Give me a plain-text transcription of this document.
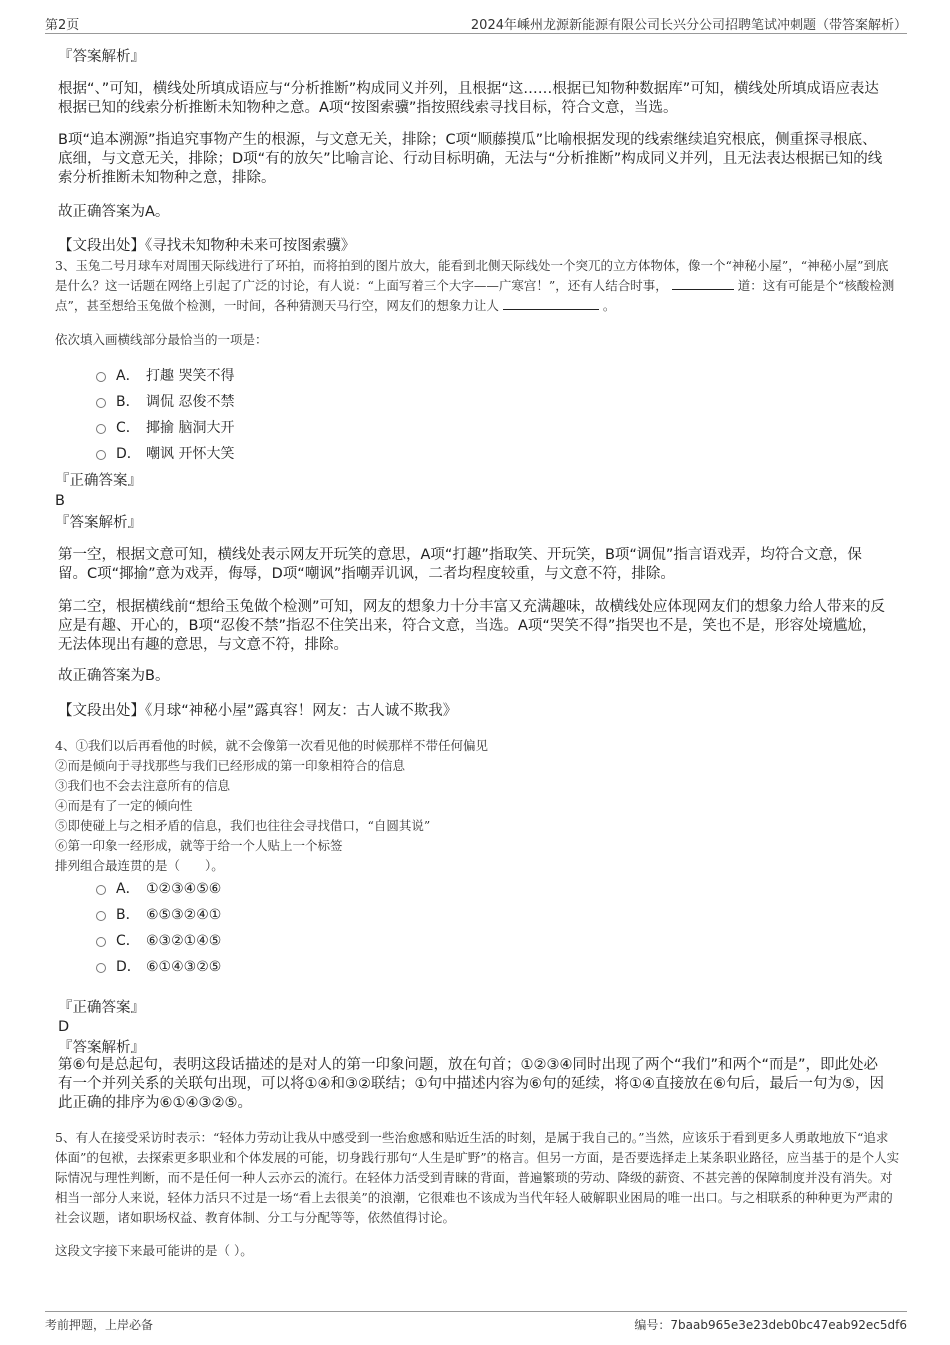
第2页	2024年嵊州龙源新能源有限公司长兴分公司招聘笔试冲刺题（带答案解析）
『答案解析』
根据“、”可知，横线处所填成语应与“分析推断”构成同义并列，且根据“这……根据已知物种数据库”可知，横线处所填成语应表达根据已知的线索分析推断未知物种之意。A项“按图索骥”指按照线索寻找目标，符合文意，当选。
B项“追本溯源”指追究事物产生的根源，与文意无关，排除；C项“顺藤摸瓜”比喻根据发现的线索继续追究根底，侧重探寻根底、底细，与文意无关，排除；D项“有的放矢”比喻言论、行动目标明确，无法与“分析推断”构成同义并列，且无法表达根据已知的线索分析推断未知物种之意，排除。
故正确答案为A。
【文段出处】《寻找未知物种未来可按图索骥》
3、玉兔二号月球车对周围天际线进行了环拍，而将拍到的图片放大，能看到北侧天际线处一个突兀的立方体物体，像一个“神秘小屋”，“神秘小屋”到底是什么？这一话题在网络上引起了广泛的讨论，有人说：“上面写着三个大字——广寒宫！”，还有人结合时事，	道：这有可能是个“核酸检测点”，甚至想给玉兔做个检测，一时间，各种猜测天马行空，网友们的想象力让人	。
依次填入画横线部分最恰当的一项是：
A． 打趣 哭笑不得
B． 调侃 忍俊不禁
C． 揶揄 脑洞大开
D． 嘲讽 开怀大笑
『正确答案』
B
『答案解析』
第一空，根据文意可知，横线处表示网友开玩笑的意思，A项“打趣”指取笑、开玩笑，B项“调侃”指言语戏弄，均符合文意，保留。C项“揶揄”意为戏弄，侮辱，D项“嘲讽”指嘲弄讥讽，二者均程度较重，与文意不符，排除。
第二空，根据横线前“想给玉兔做个检测”可知，网友的想象力十分丰富又充满趣味，故横线处应体现网友们的想象力给人带来的反应是有趣、开心的，B项“忍俊不禁”指忍不住笑出来，符合文意，当选。A项“哭笑不得”指哭也不是，笑也不是，形容处境尴尬，无法体现出有趣的意思，与文意不符，排除。
故正确答案为B。
【文段出处】《月球“神秘小屋”露真容！网友：古人诚不欺我》
4、①我们以后再看他的时候，就不会像第一次看见他的时候那样不带任何偏见
②而是倾向于寻找那些与我们已经形成的第一印象相符合的信息
③我们也不会去注意所有的信息
④而是有了一定的倾向性
⑤即使碰上与之相矛盾的信息，我们也往往会寻找借口，“自圆其说”
⑥第一印象一经形成，就等于给一个人贴上一个标签
排列组合最连贯的是（　　）。
A． ①②③④⑤⑥
B． ⑥⑤③②④①
C． ⑥③②①④⑤
D． ⑥①④③②⑤
『正确答案』
D
『答案解析』
第⑥句是总起句，表明这段话描述的是对人的第一印象问题，放在句首；①②③④同时出现了两个“我们”和两个“而是”，即此处必有一个并列关系的关联句出现，可以将①④和③②联结；①句中描述内容为⑥句的延续，将①④直接放在⑥句后，最后一句为⑤，因此正确的排序为⑥①④③②⑤。
5、有人在接受采访时表示：“轻体力劳动让我从中感受到一些治愈感和贴近生活的时刻，是属于我自己的。”当然，应该乐于看到更多人勇敢地放下“追求体面”的包袱，去探索更多职业和个体发展的可能，切身践行那句“人生是旷野”的格言。但另一方面，是否要选择走上某条职业路径，应当基于的是个人实际情况与理性判断，而不是任何一种人云亦云的流行。在轻体力活受到青睐的背面，普遍繁琐的劳动、降级的薪资、不甚完善的保障制度并没有消失。对相当一部分人来说，轻体力活只不过是一场“看上去很美”的浪潮，它很难也不该成为当代年轻人破解职业困局的唯一出口。与之相联系的种种更为严肃的社会议题，诸如职场权益、教育体制、分工与分配等等，依然值得讨论。
这段文字接下来最可能讲的是（ ）。
考前押题，上岸必备	编号：7baab965e3e23deb0bc47eab92ec5df6
